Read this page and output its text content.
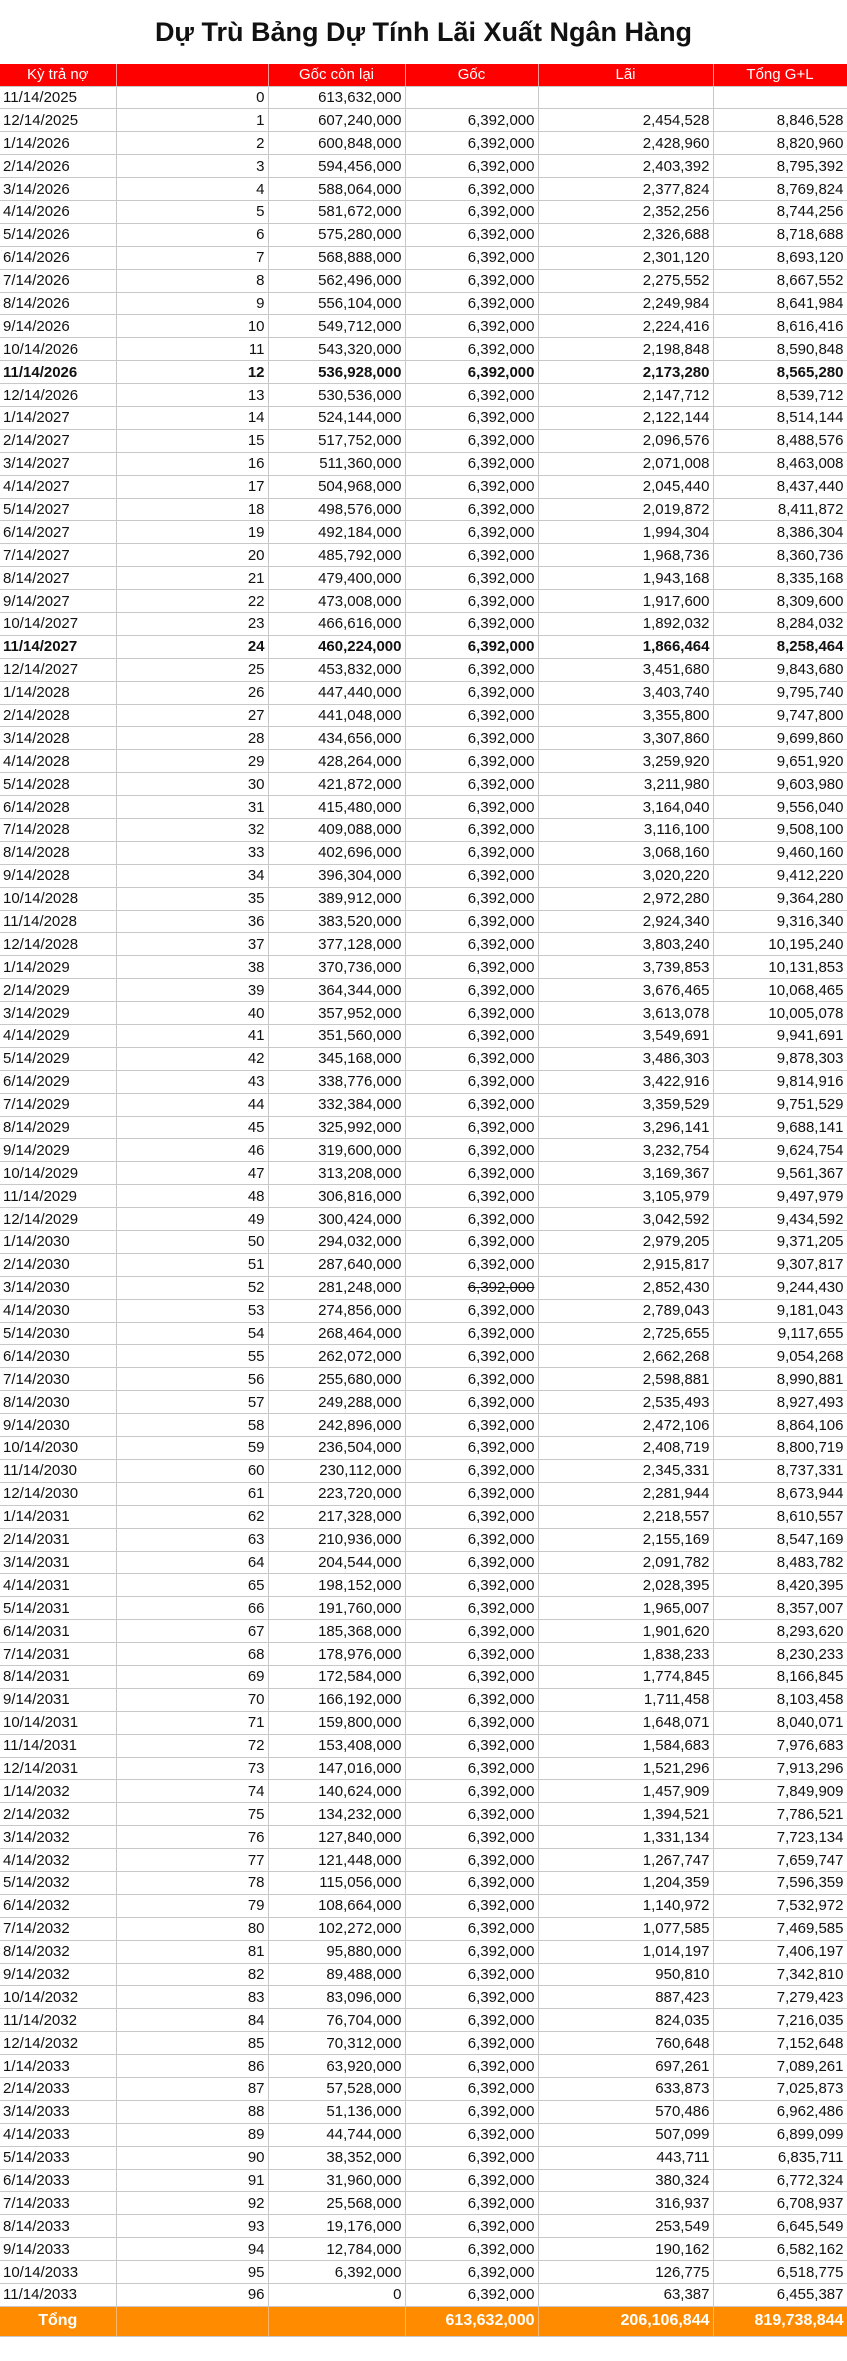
Dự Trù Bảng Dự Tính Lãi Xuất Ngân Hàng
Kỳ trả nợ		Gốc còn lại	Gốc	Lãi	Tổng G+L
11/14/2025	0	613,632,000			
12/14/2025	1	607,240,000	6,392,000	2,454,528	8,846,528
1/14/2026	2	600,848,000	6,392,000	2,428,960	8,820,960
2/14/2026	3	594,456,000	6,392,000	2,403,392	8,795,392
3/14/2026	4	588,064,000	6,392,000	2,377,824	8,769,824
4/14/2026	5	581,672,000	6,392,000	2,352,256	8,744,256
5/14/2026	6	575,280,000	6,392,000	2,326,688	8,718,688
6/14/2026	7	568,888,000	6,392,000	2,301,120	8,693,120
7/14/2026	8	562,496,000	6,392,000	2,275,552	8,667,552
8/14/2026	9	556,104,000	6,392,000	2,249,984	8,641,984
9/14/2026	10	549,712,000	6,392,000	2,224,416	8,616,416
10/14/2026	11	543,320,000	6,392,000	2,198,848	8,590,848
11/14/2026	12	536,928,000	6,392,000	2,173,280	8,565,280
12/14/2026	13	530,536,000	6,392,000	2,147,712	8,539,712
1/14/2027	14	524,144,000	6,392,000	2,122,144	8,514,144
2/14/2027	15	517,752,000	6,392,000	2,096,576	8,488,576
3/14/2027	16	511,360,000	6,392,000	2,071,008	8,463,008
4/14/2027	17	504,968,000	6,392,000	2,045,440	8,437,440
5/14/2027	18	498,576,000	6,392,000	2,019,872	8,411,872
6/14/2027	19	492,184,000	6,392,000	1,994,304	8,386,304
7/14/2027	20	485,792,000	6,392,000	1,968,736	8,360,736
8/14/2027	21	479,400,000	6,392,000	1,943,168	8,335,168
9/14/2027	22	473,008,000	6,392,000	1,917,600	8,309,600
10/14/2027	23	466,616,000	6,392,000	1,892,032	8,284,032
11/14/2027	24	460,224,000	6,392,000	1,866,464	8,258,464
12/14/2027	25	453,832,000	6,392,000	3,451,680	9,843,680
1/14/2028	26	447,440,000	6,392,000	3,403,740	9,795,740
2/14/2028	27	441,048,000	6,392,000	3,355,800	9,747,800
3/14/2028	28	434,656,000	6,392,000	3,307,860	9,699,860
4/14/2028	29	428,264,000	6,392,000	3,259,920	9,651,920
5/14/2028	30	421,872,000	6,392,000	3,211,980	9,603,980
6/14/2028	31	415,480,000	6,392,000	3,164,040	9,556,040
7/14/2028	32	409,088,000	6,392,000	3,116,100	9,508,100
8/14/2028	33	402,696,000	6,392,000	3,068,160	9,460,160
9/14/2028	34	396,304,000	6,392,000	3,020,220	9,412,220
10/14/2028	35	389,912,000	6,392,000	2,972,280	9,364,280
11/14/2028	36	383,520,000	6,392,000	2,924,340	9,316,340
12/14/2028	37	377,128,000	6,392,000	3,803,240	10,195,240
1/14/2029	38	370,736,000	6,392,000	3,739,853	10,131,853
2/14/2029	39	364,344,000	6,392,000	3,676,465	10,068,465
3/14/2029	40	357,952,000	6,392,000	3,613,078	10,005,078
4/14/2029	41	351,560,000	6,392,000	3,549,691	9,941,691
5/14/2029	42	345,168,000	6,392,000	3,486,303	9,878,303
6/14/2029	43	338,776,000	6,392,000	3,422,916	9,814,916
7/14/2029	44	332,384,000	6,392,000	3,359,529	9,751,529
8/14/2029	45	325,992,000	6,392,000	3,296,141	9,688,141
9/14/2029	46	319,600,000	6,392,000	3,232,754	9,624,754
10/14/2029	47	313,208,000	6,392,000	3,169,367	9,561,367
11/14/2029	48	306,816,000	6,392,000	3,105,979	9,497,979
12/14/2029	49	300,424,000	6,392,000	3,042,592	9,434,592
1/14/2030	50	294,032,000	6,392,000	2,979,205	9,371,205
2/14/2030	51	287,640,000	6,392,000	2,915,817	9,307,817
3/14/2030	52	281,248,000	6,392,000	2,852,430	9,244,430
4/14/2030	53	274,856,000	6,392,000	2,789,043	9,181,043
5/14/2030	54	268,464,000	6,392,000	2,725,655	9,117,655
6/14/2030	55	262,072,000	6,392,000	2,662,268	9,054,268
7/14/2030	56	255,680,000	6,392,000	2,598,881	8,990,881
8/14/2030	57	249,288,000	6,392,000	2,535,493	8,927,493
9/14/2030	58	242,896,000	6,392,000	2,472,106	8,864,106
10/14/2030	59	236,504,000	6,392,000	2,408,719	8,800,719
11/14/2030	60	230,112,000	6,392,000	2,345,331	8,737,331
12/14/2030	61	223,720,000	6,392,000	2,281,944	8,673,944
1/14/2031	62	217,328,000	6,392,000	2,218,557	8,610,557
2/14/2031	63	210,936,000	6,392,000	2,155,169	8,547,169
3/14/2031	64	204,544,000	6,392,000	2,091,782	8,483,782
4/14/2031	65	198,152,000	6,392,000	2,028,395	8,420,395
5/14/2031	66	191,760,000	6,392,000	1,965,007	8,357,007
6/14/2031	67	185,368,000	6,392,000	1,901,620	8,293,620
7/14/2031	68	178,976,000	6,392,000	1,838,233	8,230,233
8/14/2031	69	172,584,000	6,392,000	1,774,845	8,166,845
9/14/2031	70	166,192,000	6,392,000	1,711,458	8,103,458
10/14/2031	71	159,800,000	6,392,000	1,648,071	8,040,071
11/14/2031	72	153,408,000	6,392,000	1,584,683	7,976,683
12/14/2031	73	147,016,000	6,392,000	1,521,296	7,913,296
1/14/2032	74	140,624,000	6,392,000	1,457,909	7,849,909
2/14/2032	75	134,232,000	6,392,000	1,394,521	7,786,521
3/14/2032	76	127,840,000	6,392,000	1,331,134	7,723,134
4/14/2032	77	121,448,000	6,392,000	1,267,747	7,659,747
5/14/2032	78	115,056,000	6,392,000	1,204,359	7,596,359
6/14/2032	79	108,664,000	6,392,000	1,140,972	7,532,972
7/14/2032	80	102,272,000	6,392,000	1,077,585	7,469,585
8/14/2032	81	95,880,000	6,392,000	1,014,197	7,406,197
9/14/2032	82	89,488,000	6,392,000	950,810	7,342,810
10/14/2032	83	83,096,000	6,392,000	887,423	7,279,423
11/14/2032	84	76,704,000	6,392,000	824,035	7,216,035
12/14/2032	85	70,312,000	6,392,000	760,648	7,152,648
1/14/2033	86	63,920,000	6,392,000	697,261	7,089,261
2/14/2033	87	57,528,000	6,392,000	633,873	7,025,873
3/14/2033	88	51,136,000	6,392,000	570,486	6,962,486
4/14/2033	89	44,744,000	6,392,000	507,099	6,899,099
5/14/2033	90	38,352,000	6,392,000	443,711	6,835,711
6/14/2033	91	31,960,000	6,392,000	380,324	6,772,324
7/14/2033	92	25,568,000	6,392,000	316,937	6,708,937
8/14/2033	93	19,176,000	6,392,000	253,549	6,645,549
9/14/2033	94	12,784,000	6,392,000	190,162	6,582,162
10/14/2033	95	6,392,000	6,392,000	126,775	6,518,775
11/14/2033	96	0	6,392,000	63,387	6,455,387
Tổng			613,632,000	206,106,844	819,738,844
